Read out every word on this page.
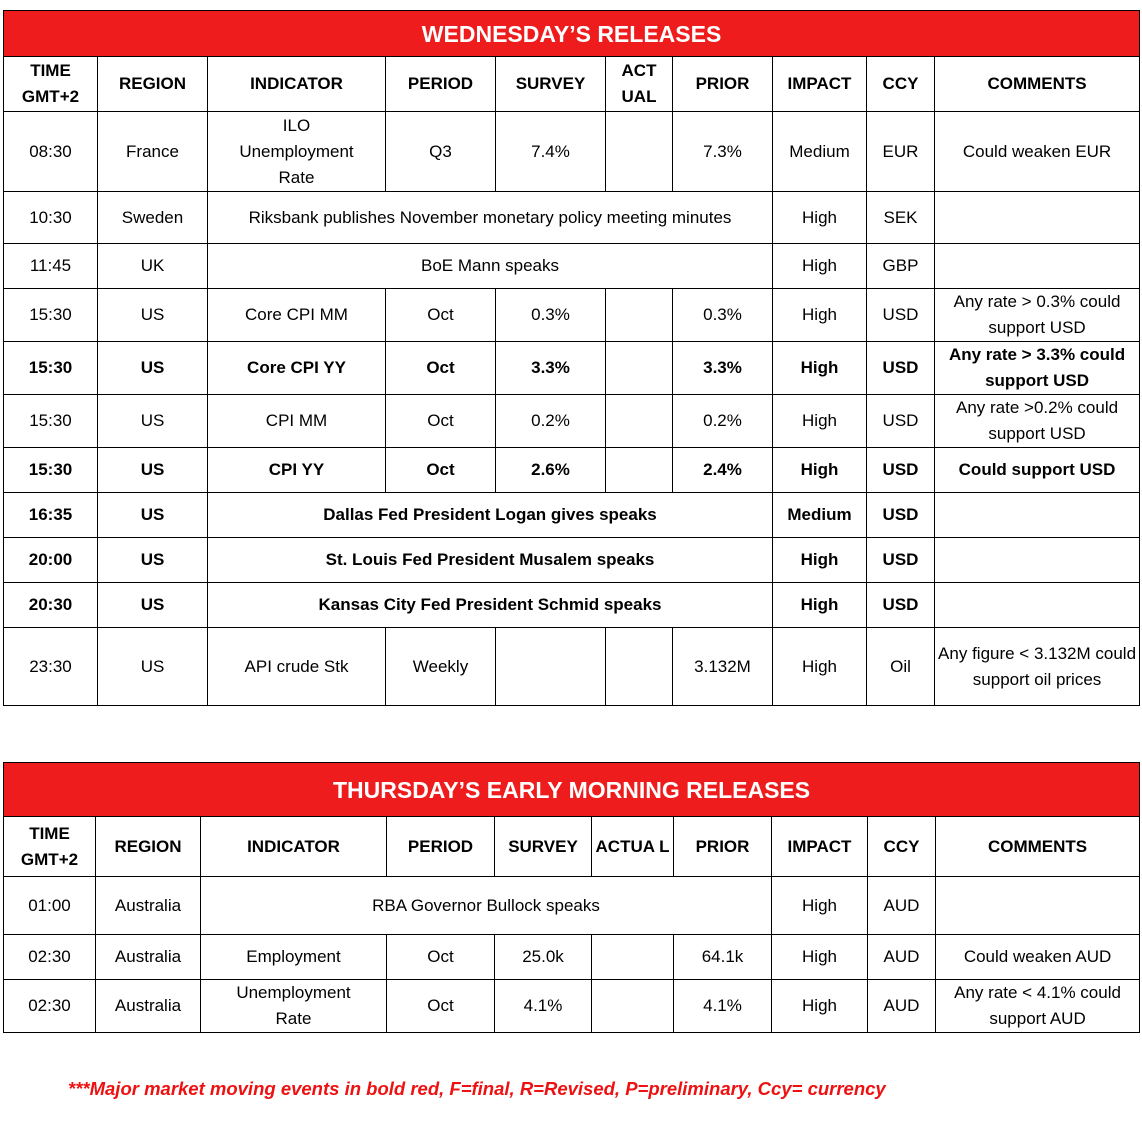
WEDNESDAY’S RELEASES									
TIME GMT+2	REGION	INDICATOR	PERIOD	SURVEY	ACT UAL	PRIOR	IMPACT	CCY	COMMENTS
08:30	France	ILO Unemployment Rate	Q3	7.4%		7.3%	Medium	EUR	Could weaken EUR
10:30	Sweden	Riksbank publishes November monetary policy meeting minutes					High	SEK	
11:45	UK	BoE Mann speaks					High	GBP	
15:30	US	Core CPI MM	Oct	0.3%		0.3%	High	USD	Any rate > 0.3% could support USD
15:30	US	Core CPI YY	Oct	3.3%		3.3%	High	USD	Any rate > 3.3% could support USD
15:30	US	CPI MM	Oct	0.2%		0.2%	High	USD	Any rate >0.2% could support USD
15:30	US	CPI YY	Oct	2.6%		2.4%	High	USD	Could support USD
16:35	US	Dallas Fed President Logan gives speaks					Medium	USD	
20:00	US	St. Louis Fed President Musalem speaks					High	USD	
20:30	US	Kansas City Fed President Schmid speaks					High	USD	
23:30	US	API crude Stk	Weekly			3.132M	High	Oil	Any figure < 3.132M could support oil prices
THURSDAY’S EARLY MORNING RELEASES									
TIME GMT+2	REGION	INDICATOR	PERIOD	SURVEY	ACTUA L	PRIOR	IMPACT	CCY	COMMENTS
01:00	Australia	RBA Governor Bullock speaks					High	AUD	
02:30	Australia	Employment	Oct	25.0k		64.1k	High	AUD	Could weaken AUD
02:30	Australia	Unemployment Rate	Oct	4.1%		4.1%	High	AUD	Any rate < 4.1% could support AUD
***Major market moving events in bold red, F=final, R=Revised, P=preliminary, Ccy= currency
